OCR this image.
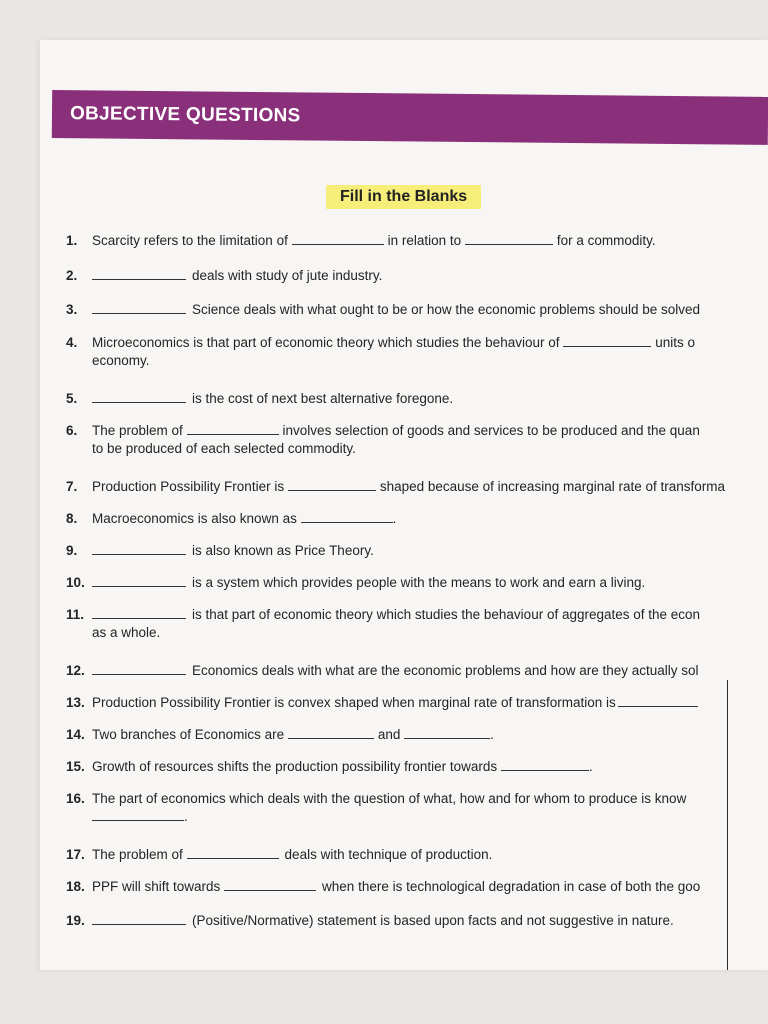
OBJECTIVE QUESTIONS
Fill in the Blanks
1. Scarcity refers to the limitation of	in relation to	for a commodity.
2.	deals with study of jute industry.
3.	Science deals with what ought to be or how the economic problems should be solved
4. Microeconomics is that part of economic theory which studies the behaviour of	units o
economy.
5.	is the cost of next best alternative foregone.
6. The problem of	involves selection of goods and services to be produced and the quan
to be produced of each selected commodity.
7. Production Possibility Frontier is	shaped because of increasing marginal rate of transforma
8. Macroeconomics is also known as	.
9.	is also known as Price Theory.
10.	is a system which provides people with the means to work and earn a living.
11.	is that part of economic theory which studies the behaviour of aggregates of the econ
as a whole.
12.	Economics deals with what are the economic problems and how are they actually sol
13. Production Possibility Frontier is convex shaped when marginal rate of transformation is
14. Two branches of Economics are	and	.
15. Growth of resources shifts the production possibility frontier towards	.
16. The part of economics which deals with the question of what, how and for whom to produce is know
.
17. The problem of	deals with technique of production.
18. PPF will shift towards	when there is technological degradation in case of both the goo
19.	(Positive/Normative) statement is based upon facts and not suggestive in nature.
